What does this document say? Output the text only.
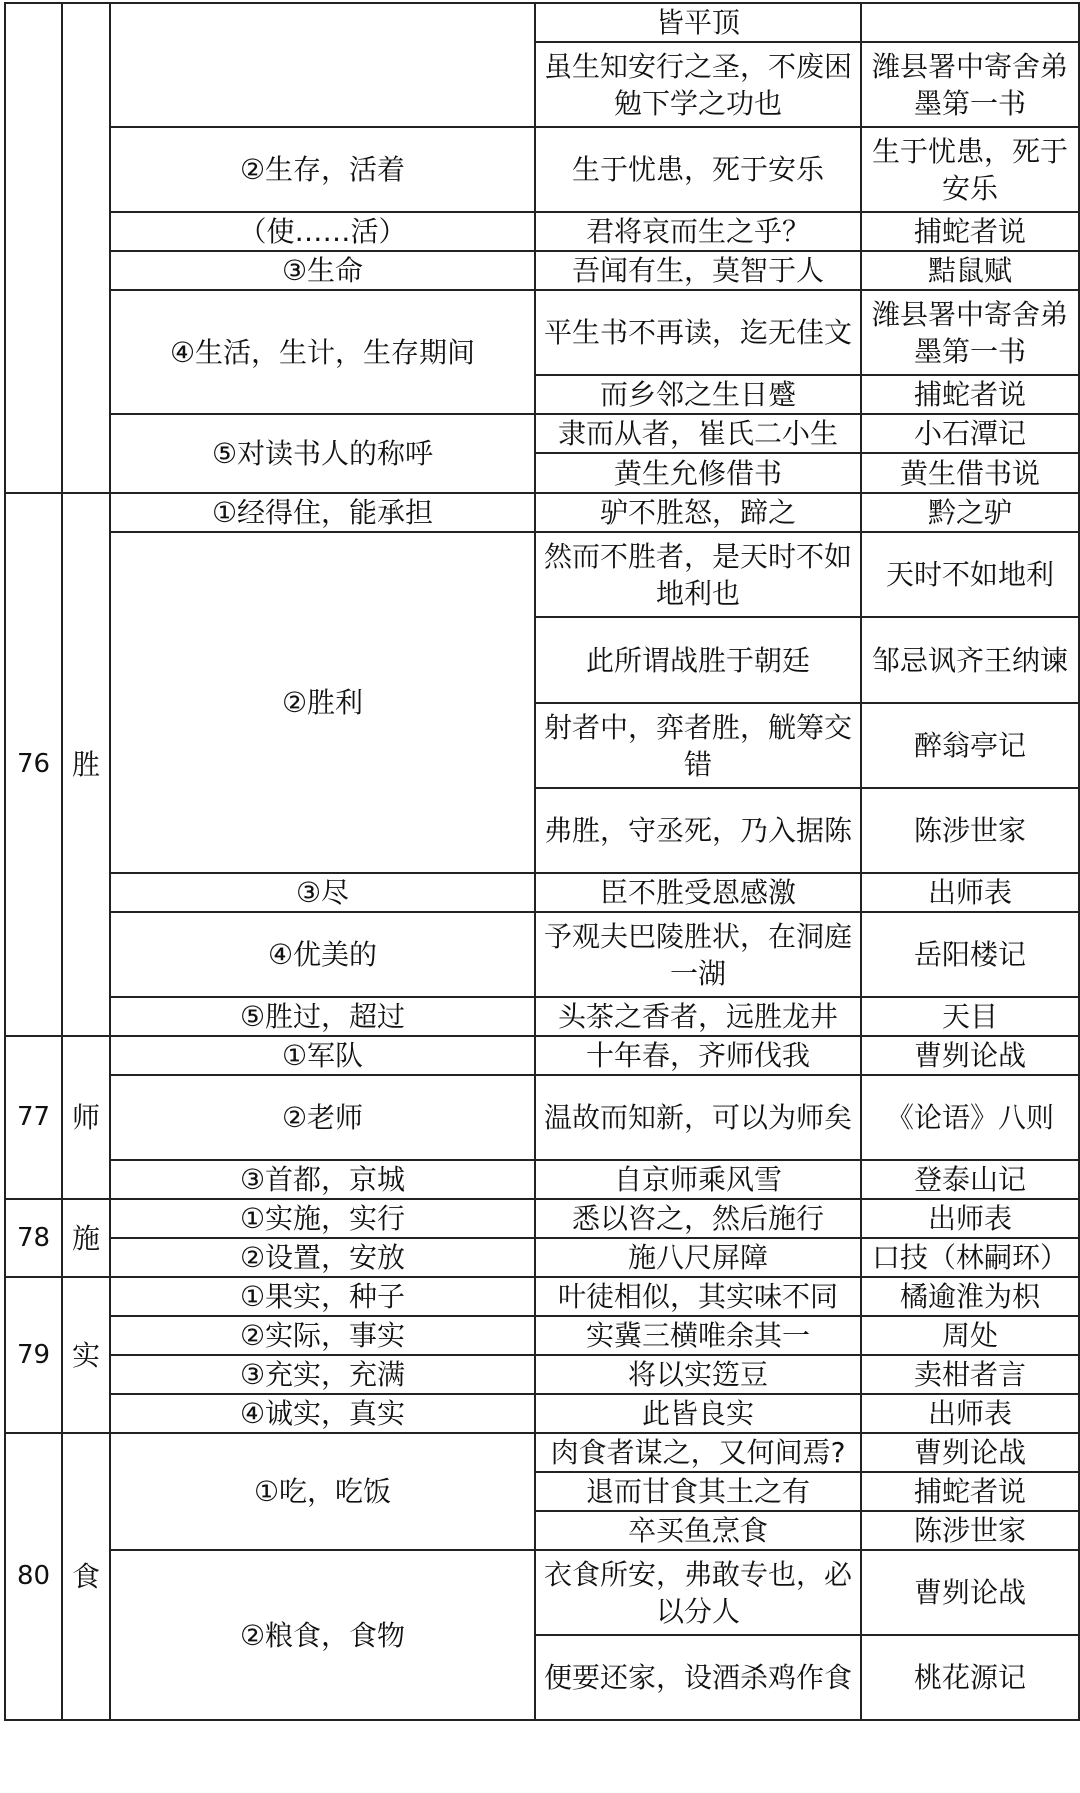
			皆平顶	
			虽生知安行之圣，不废困勉下学之功也	潍县署中寄舍弟墨第一书
		②生存，活着	生于忧患，死于安乐	生于忧患，死于安乐
		（使……活）	君将哀而生之乎？	捕蛇者说
		③生命	吾闻有生，莫智于人	黠鼠赋
		④生活，生计，生存期间	平生书不再读，迄无佳文	潍县署中寄舍弟墨第一书
			而乡邻之生日蹙	捕蛇者说
		⑤对读书人的称呼	隶而从者，崔氏二小生	小石潭记
			黄生允修借书	黄生借书说
76	胜	①经得住，能承担	驴不胜怒，蹄之	黔之驴
		②胜利	然而不胜者，是天时不如地利也	天时不如地利
			此所谓战胜于朝廷	邹忌讽齐王纳谏
			射者中，弈者胜，觥筹交错	醉翁亭记
			弗胜，守丞死，乃入据陈	陈涉世家
		③尽	臣不胜受恩感激	出师表
		④优美的	予观夫巴陵胜状，在洞庭一湖	岳阳楼记
		⑤胜过，超过	头茶之香者，远胜龙井	天目
77	师	①军队	十年春，齐师伐我	曹刿论战
		②老师	温故而知新，可以为师矣	《论语》八则
		③首都，京城	自京师乘风雪	登泰山记
78	施	①实施，实行	悉以咨之，然后施行	出师表
		②设置，安放	施八尺屏障	口技（林嗣环）
79	实	①果实，种子	叶徒相似，其实味不同	橘逾淮为枳
		②实际，事实	实冀三横唯余其一	周处
		③充实，充满	将以实笾豆	卖柑者言
		④诚实，真实	此皆良实	出师表
80	食	①吃，吃饭	肉食者谋之，又何间焉?	曹刿论战
			退而甘食其土之有	捕蛇者说
			卒买鱼烹食	陈涉世家
		②粮食，食物	衣食所安，弗敢专也，必以分人	曹刿论战
			便要还家，设酒杀鸡作食	桃花源记
